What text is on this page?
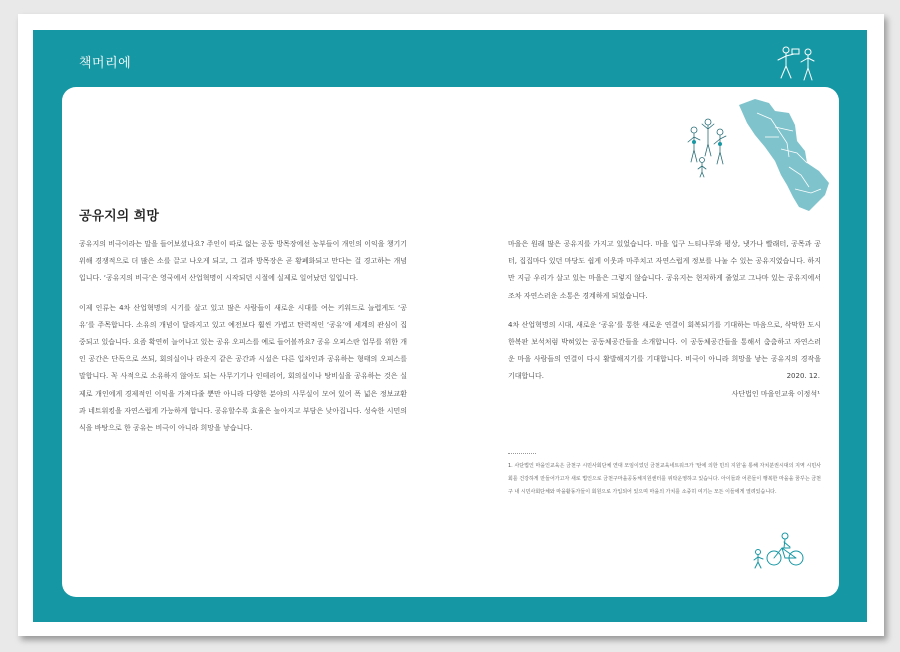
책머리에
공유지의 희망

공유지의 비극이라는 말을 들어보셨나요? 주인이 따로 없는 공동 방목장에선 농부들이 개인의 이익을 챙기기 위해 경쟁적으로 더 많은 소를 끌고 나오게 되고, 그 결과 방목장은 곧 황폐화되고 만다는 걸 경고하는 개념입니다. ‘공유지의 비극’은 영국에서 산업혁명이 시작되던 시절에 실제로 일어났던 일입니다.

이제 인류는 4차 산업혁명의 시기를 살고 있고 많은 사람들이 새로운 시대를 여는 키워드로 늘렵게도 ‘공유’를 주목합니다. 소유의 개념이 달라지고 있고 예전보다 훨씬 가볍고 탄력적인 ‘공유’에 세계의 관심이 집중되고 있습니다. 요즘 확연히 늘어나고 있는 공유 오피스를 예로 들어볼까요? 공유 오피스란 업무를 위한 개인 공간은 단독으로 쓰되, 회의실이나 라운지 같은 공간과 시설은 다른 입차인과 공유하는 형태의 오피스를 말합니다. 꼭 사적으로 소유하지 않아도 되는 사무기기나 인테리어, 회의실이나 탕비실을 공유하는 것은 실제로 개인에게 경제적인 이익을 가져다줄 뿐만 아니라 다양한 분야의 사무실이 모여 있어 폭 넓은 정보교환과 네트워킹을 자연스럽게 가능하게 합니다. 공유할수록 효율은 높아지고 부담은 낮아집니다. 성숙한 시민의식을 바탕으로 한 공유는 비극이 아니라 희망을 낳습니다.

마을은 원래 많은 공유지를 가지고 있었습니다. 마을 입구 느티나무와 평상, 냇가나 빨래터, 공목과 공터, 집집마다 있던 마당도 쉽게 이웃과 마주치고 자연스럽게 정보를 나눌 수 있는 공유지였습니다. 하지만 지금 우리가 살고 있는 마을은 그렇지 않습니다. 공유지는 현저하게 줄었고 그나마 있는 공유지에서조차 자연스러운 소통은 경계하게 되었습니다.

4차 산업혁명의 시대, 새로운 ‘공유’를 통한 새로운 연결이 회복되기를 기대하는 마음으로, 삭막한 도시 한복판 보석처럼 박혀있는 공동체공간들을 소개합니다. 이 공동체공간들을 통해서 춤춤하고 자연스러운 마을 사람들의 연결이 다시 활발해지기를 기대합니다. 비극이 아니라 희망을 낳는 공유지의 경작을 기대합니다.	2020. 12.
사단법인 마을인교육 이정석¹
1. 사단법인 마을인교육은 금천구 시민사회단체 연대 모임이었던 금천교육네트워크가 '탄에 의한 민의 지원'을 통해 자치분권시대의 지역 시민사회를 건강하게 만들어가고자 새로 법인으로 금천구마을공동체지원센터를 위탁운영하고 있습니다. 아이들과 어른들이 행복한 마을을 꿈꾸는 금천구 내 시민사회단체와 마을활동가들이 회원으로 가입되어 있으며 마을의 가치를 소중히 여기는 모든 이들에게 열려있습니다.
